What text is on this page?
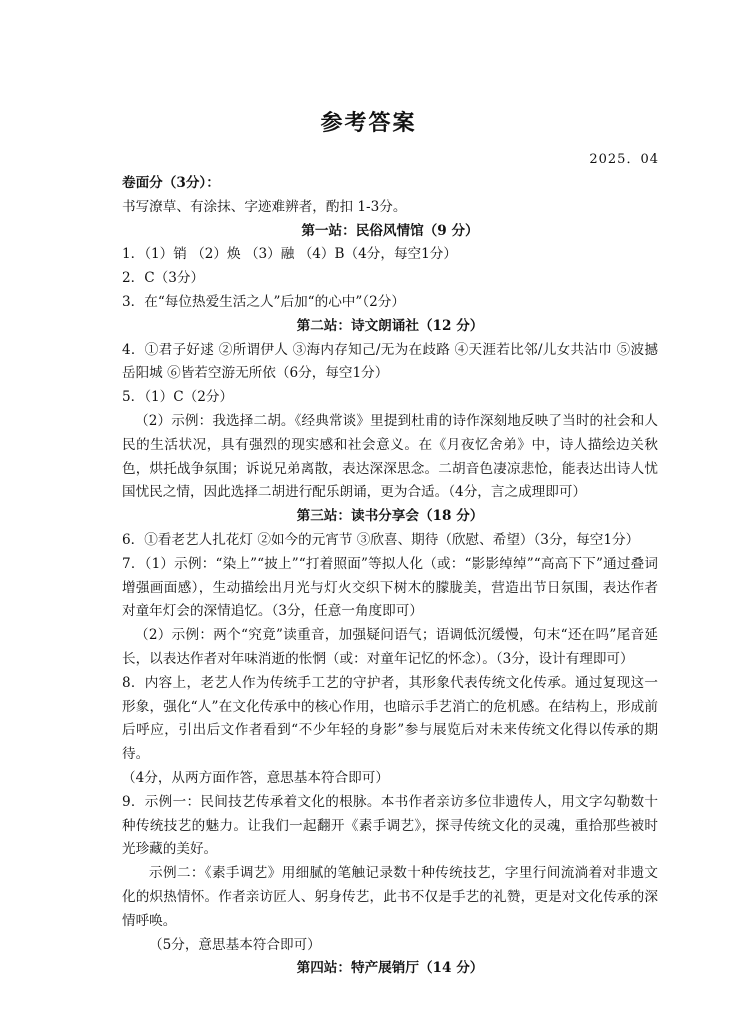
参考答案
2025．04

卷面分（3分）：

书写潦草、有涂抹、字迹难辨者，酌扣 1-3分。

第一站：民俗风情馆（9 分）

1．（1）销 （2）焕 （3）融 （4）B（4分，每空1分）

2．C（3分）

3．在“每位热爱生活之人”后加“的心中”（2分）

第二站：诗文朗诵社（12 分）

4．①君子好逑 ②所谓伊人 ③海内存知己/无为在歧路 ④天涯若比邻/儿女共沾巾 ⑤波撼岳阳城 ⑥皆若空游无所依（6分，每空1分）

5．（1）C（2分）

（2）示例：我选择二胡。《经典常谈》里提到杜甫的诗作深刻地反映了当时的社会和人民的生活状况，具有强烈的现实感和社会意义。在《月夜忆舍弟》中，诗人描绘边关秋色，烘托战争氛围；诉说兄弟离散，表达深深思念。二胡音色凄凉悲怆，能表达出诗人忧国忧民之情，因此选择二胡进行配乐朗诵，更为合适。（4分，言之成理即可）

第三站：读书分享会（18 分）

6．①看老艺人扎花灯 ②如今的元宵节 ③欣喜、期待（欣慰、希望）（3分，每空1分）

7．（1）示例：“染上”“披上”“打着照面”等拟人化（或：“影影绰绰”“高高下下”通过叠词增强画面感），生动描绘出月光与灯火交织下树木的朦胧美，营造出节日氛围，表达作者对童年灯会的深情追忆。（3分，任意一角度即可）

（2）示例：两个“究竟”读重音，加强疑问语气；语调低沉缓慢，句末“还在吗”尾音延长，以表达作者对年味消逝的怅惘（或：对童年记忆的怀念）。（3分，设计有理即可）

8．内容上，老艺人作为传统手工艺的守护者，其形象代表传统文化传承。通过复现这一形象，强化“人”在文化传承中的核心作用，也暗示手艺消亡的危机感。在结构上，形成前后呼应，引出后文作者看到“不少年轻的身影”参与展览后对未来传统文化得以传承的期待。

（4分，从两方面作答，意思基本符合即可）

9．示例一：民间技艺传承着文化的根脉。本书作者亲访多位非遗传人，用文字勾勒数十种传统技艺的魅力。让我们一起翻开《素手调艺》，探寻传统文化的灵魂，重拾那些被时光珍藏的美好。

示例二：《素手调艺》用细腻的笔触记录数十种传统技艺，字里行间流淌着对非遗文化的炽热情怀。作者亲访匠人、躬身传艺，此书不仅是手艺的礼赞，更是对文化传承的深情呼唤。

（5分，意思基本符合即可）

第四站：特产展销厅（14 分）
